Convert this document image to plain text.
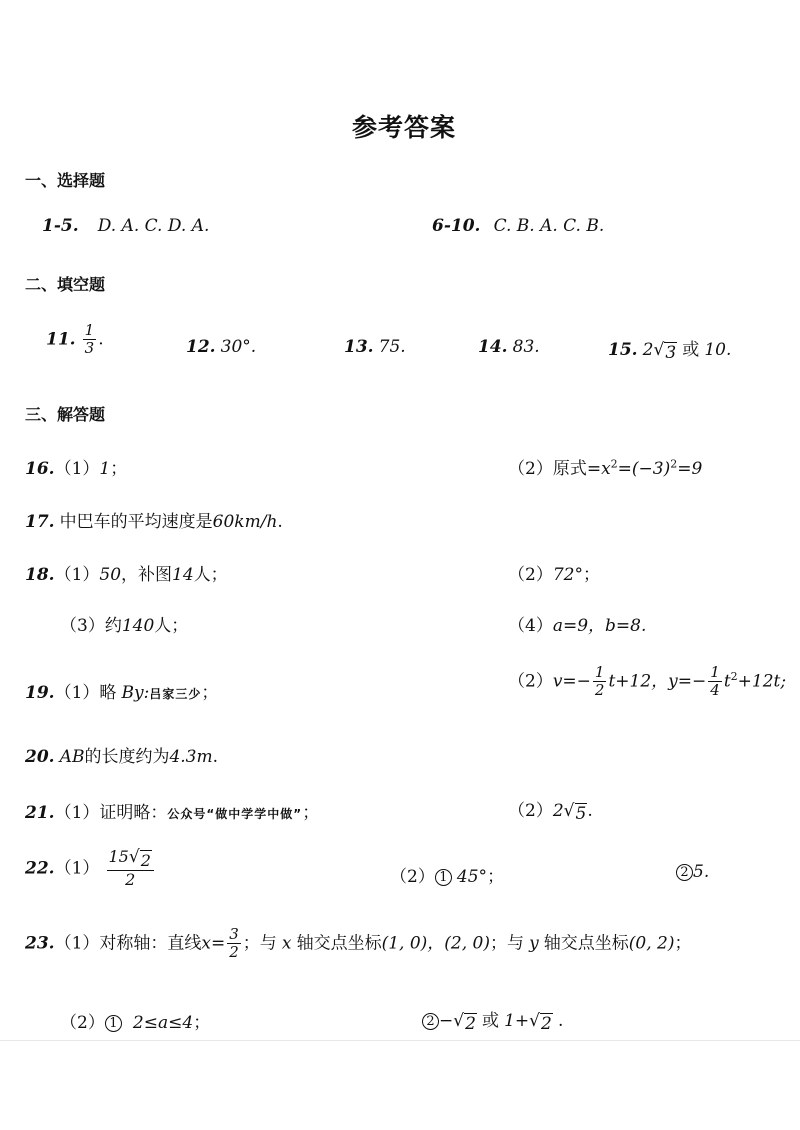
参考答案
一、选择题
1-5. D. A. C. D. A.	6-10. C. B. A. C. B.
二、填空题
11. $\frac{1}{3}$ .	12. 30°.	13. 75.	14. 83.	15. 2 √ 3 或 10.
三、解答题
16.（1）1；	（2）原式$=x^2=(-3)^2=9$
17. 中巴车的平均速度是60km/h.
18.（1）50，补图14人；	（2）72°；
（3）约140人；	（4）a=9，b=8.
19.（1）略 By:吕家三少；
$(2)v=- \frac{1}{2} t+12$，$y=- \frac{1}{4} t^2+12t$;
20. AB的长度约为4.3m.
21.（1）证明略：公众号“做中学学中做”；	（2）2 √ 5 .
$22.(1) \frac{15 √ 2}{2}$	（2） 1 45°；	2 5.
23.（1）对称轴：直线$x= \frac{3}{2}$ ；与 x 轴交点坐标(1, 0)，(2, 0)；与 y 轴交点坐标(0, 2)；
（2） 1 2≤a≤4；	2 − √ 2 或 1+ √ 2 .
